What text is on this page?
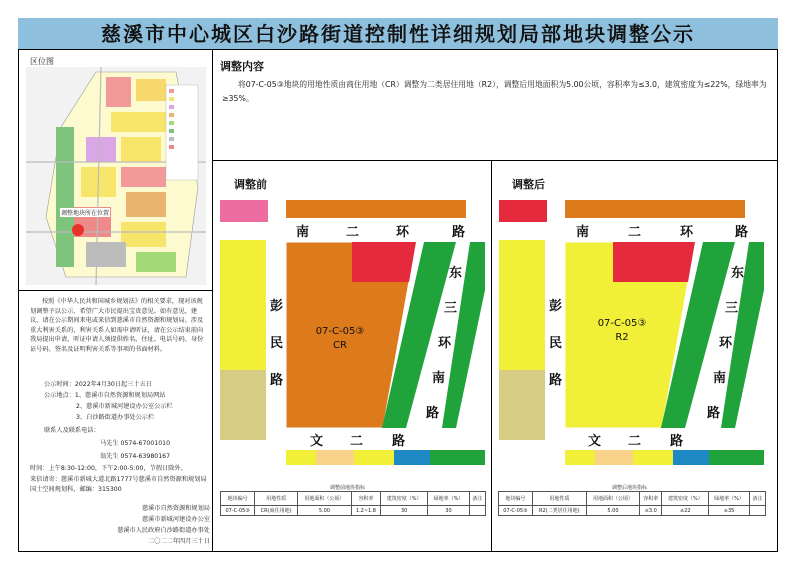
慈溪市中心城区白沙路街道控制性详细规划局部地块调整公示
区位图
调整地块所在位置
按照《中华人民共和国城乡规划法》的相关要求，现对该规划调整予以公示，希望广大市民提出宝贵意见。如有意见、建议，请在公示期间来电或来信到慈溪市自然资源和规划局。涉及重大利害关系的，利害关系人如需申请听证，请在公示结束前向我局提出申请，听证申请人须提供姓名、住址、电话号码、身份证号码、签名及证明利害关系等事项的书面材料。
公示时间：2022年4月30日起三十五日
公示地点：1、慈溪市自然资源和规划局网站
2、慈溪市新城河建设办公室公示栏
3、白沙路街道办事处公示栏
联系人及联系电话：
马先生 0574-67001010
翁先生 0574-63980167
时间：上午8:30-12:00，下午2:00-5:00，节假日除外。
来信请寄：慈溪市新城大道北路1777号慈溪市自然资源和规划局国土空间规划科，邮编：315300
慈溪市自然资源和规划局
慈溪市新城河建设办公室
慈溪市人民政府白沙路街道办事处
二〇二二年四月三十日
调整内容
将07-C-05③地块的用地性质由商住用地（CR）调整为二类居住用地（R2），调整后用地面积为5.00公顷，容积率为≤3.0，建筑密度为≤22%，绿地率为≥35%。
调整前
南	二	环	路
东
三
环
南
路
彭
民
路
文 二 路
07-C-05③
CR
调整前地块指标
地块编号	用地性质	用地面积（公顷）	容积率	建筑密度（%）	绿地率（%）	备注
07-C-05③	CR(商住用地)	5.00	1.2~1.8	30	30	
调整后
南	二	环	路
东
三
环
南
路
彭
民
路
文 二 路
07-C-05③
R2
调整后地块指标
地块编号	用地性质	用地面积（公顷）	容积率	建筑密度（%）	绿地率（%）	备注
07-C-05③	R2(二类居住用地)	5.00	≤3.0	≤22	≥35	
